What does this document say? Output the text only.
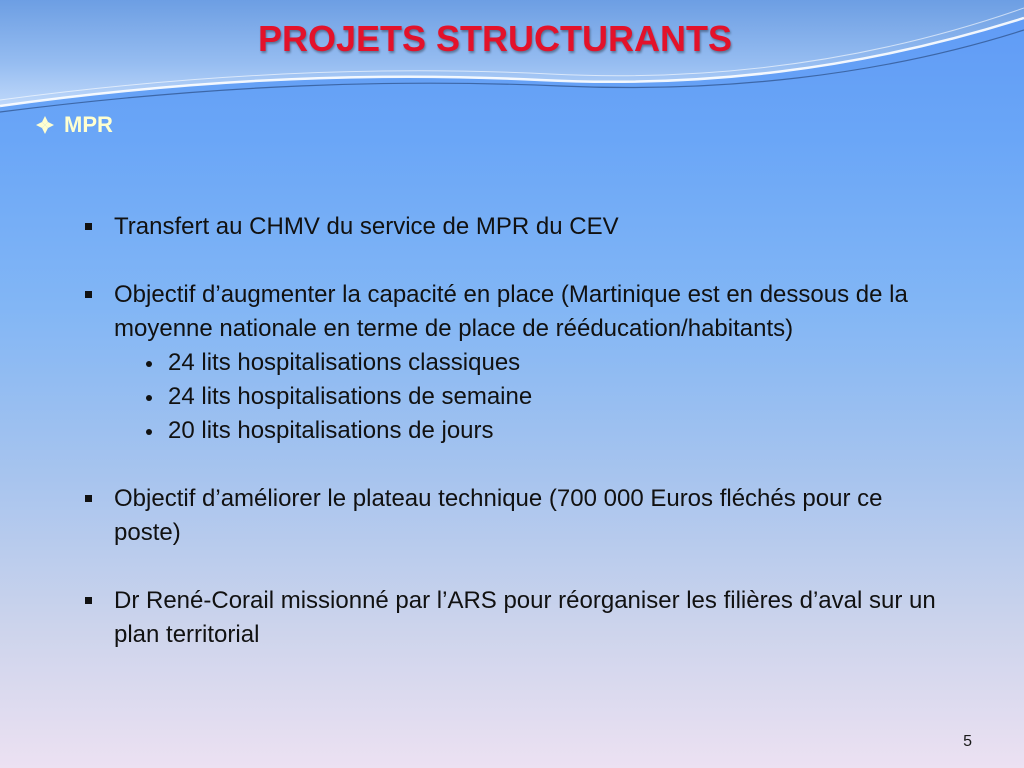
PROJETS STRUCTURANTS
MPR
Transfert au CHMV du service de MPR du CEV
Objectif d’augmenter la capacité en place (Martinique est en dessous de la moyenne nationale en terme de place de rééducation/habitants)
24 lits hospitalisations classiques
24 lits hospitalisations de semaine
20 lits hospitalisations de jours
Objectif d’améliorer le plateau technique (700 000 Euros fléchés pour ce poste)
Dr René-Corail missionné par l’ARS pour réorganiser les filières d’aval sur un plan territorial
5
